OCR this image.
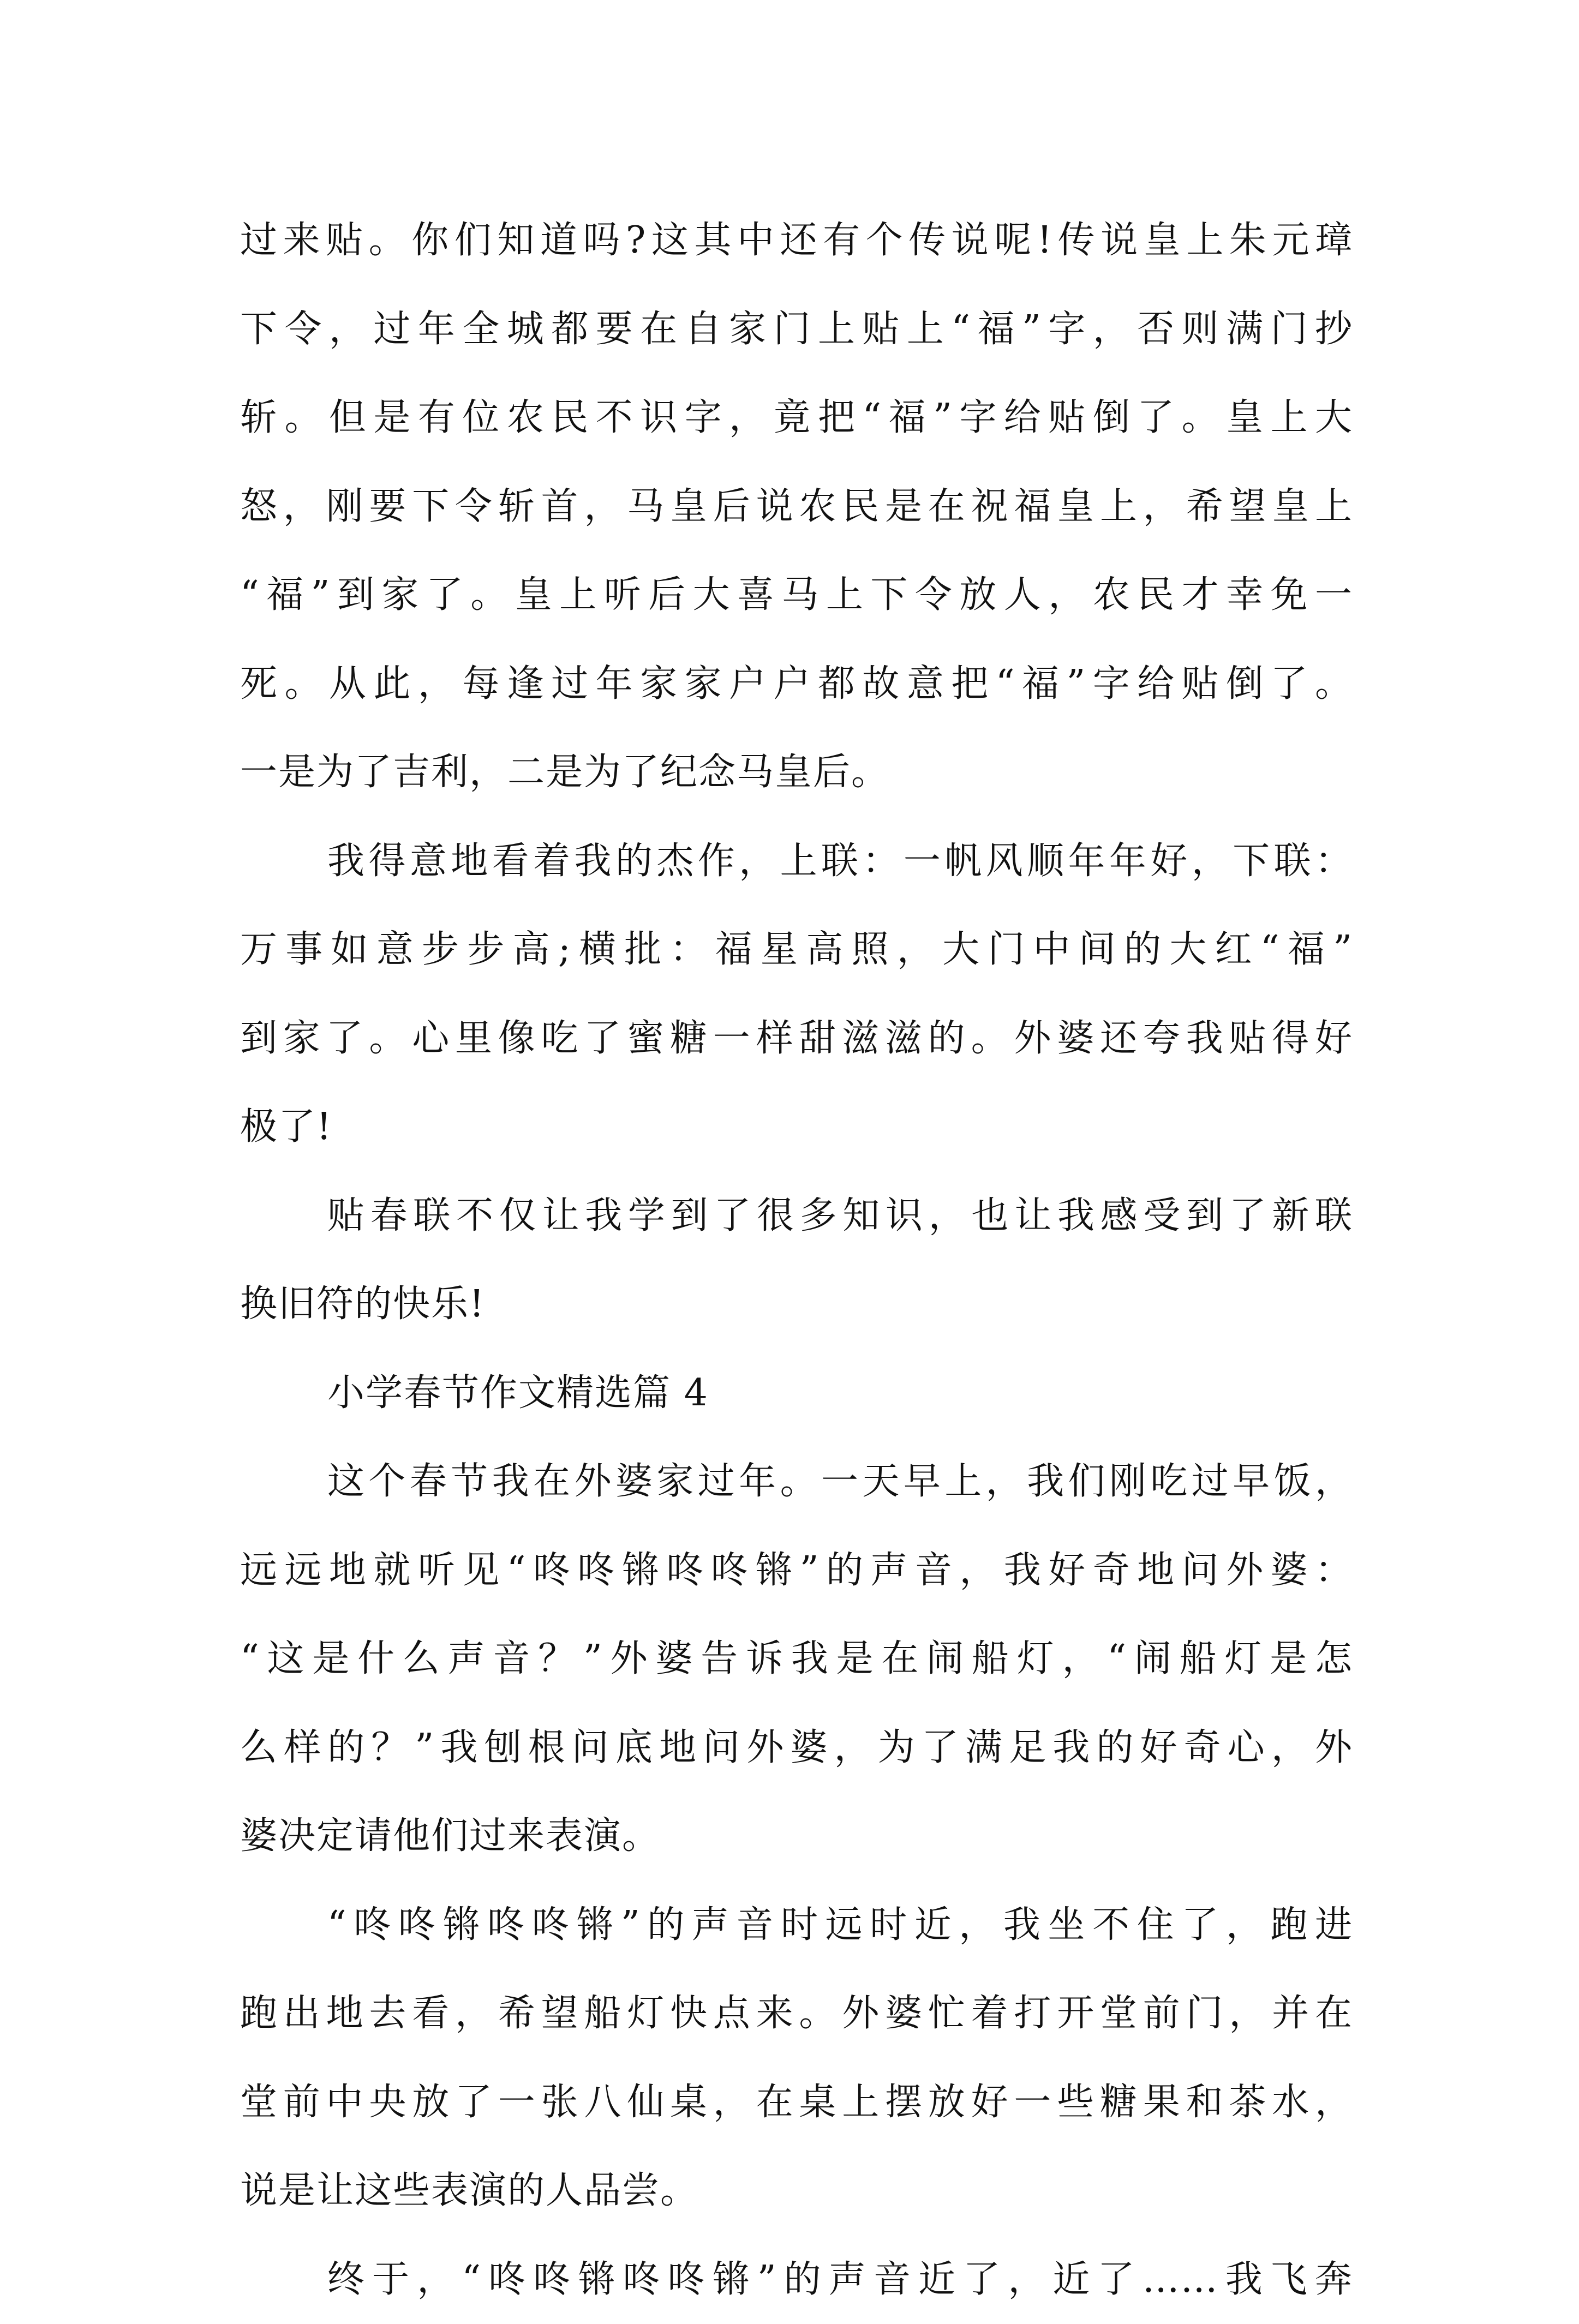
过来贴。你们知道吗?这其中还有个传说呢!传说皇上朱元璋
下令，过年全城都要在自家门上贴上“福”字，否则满门抄
斩。但是有位农民不识字，竟把“福”字给贴倒了。皇上大
怒，刚要下令斩首，马皇后说农民是在祝福皇上，希望皇上
“福”到家了。皇上听后大喜马上下令放人，农民才幸免一
死。从此，每逢过年家家户户都故意把“福”字给贴倒了。
一是为了吉利，二是为了纪念马皇后。
我得意地看着我的杰作，上联：一帆风顺年年好，下联：
万事如意步步高;横批：福星高照，大门中间的大红“福”
到家了。心里像吃了蜜糖一样甜滋滋的。外婆还夸我贴得好
极了!
贴春联不仅让我学到了很多知识，也让我感受到了新联
换旧符的快乐!
小学春节作文精选篇 4
这个春节我在外婆家过年。一天早上，我们刚吃过早饭，
远远地就听见“咚咚锵咚咚锵”的声音，我好奇地问外婆：
“这是什么声音？”外婆告诉我是在闹船灯，“闹船灯是怎
么样的？”我刨根问底地问外婆，为了满足我的好奇心，外
婆决定请他们过来表演。
“咚咚锵咚咚锵”的声音时远时近，我坐不住了，跑进
跑出地去看，希望船灯快点来。外婆忙着打开堂前门，并在
堂前中央放了一张八仙桌，在桌上摆放好一些糖果和茶水，
说是让这些表演的人品尝。
终于，“咚咚锵咚咚锵”的声音近了，近了……我飞奔
